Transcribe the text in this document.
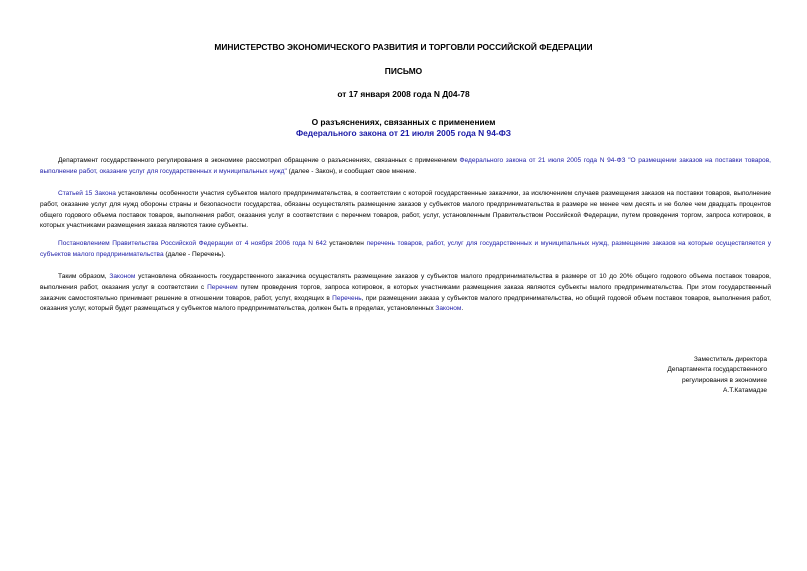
МИНИСТЕРСТВО ЭКОНОМИЧЕСКОГО РАЗВИТИЯ И ТОРГОВЛИ РОССИЙСКОЙ ФЕДЕРАЦИИ
ПИСЬМО
от 17 января 2008 года N Д04-78
О разъяснениях, связанных с применением
Федерального закона от 21 июля 2005 года N 94-ФЗ
Департамент государственного регулирования в экономике рассмотрел обращение о разъяснениях, связанных с применением Федерального закона от 21 июля 2005 года N 94-ФЗ "О размещении заказов на поставки товаров, выполнение работ, оказание услуг для государственных и муниципальных нужд" (далее - Закон), и сообщает свое мнение.
Статьей 15 Закона установлены особенности участия субъектов малого предпринимательства, в соответствии с которой государственные заказчики, за исключением случаев размещения заказов на поставки товаров, выполнение работ, оказание услуг для нужд обороны страны и безопасности государства, обязаны осуществлять размещение заказов у субъектов малого предпринимательства в размере не менее чем десять и не более чем двадцать процентов общего годового объема поставок товаров, выполнения работ, оказания услуг в соответствии с перечнем товаров, работ, услуг, установленным Правительством Российской Федерации, путем проведения торгом, запроса котировок, в которых участниками размещения заказа являются такие субъекты.
Постановлением Правительства Российской Федерации от 4 ноября 2006 года N 642 установлен перечень товаров, работ, услуг для государственных и муниципальных нужд, размещение заказов на которые осуществляется у субъектов малого предпринимательства (далее - Перечень).
Таким образом, Законом установлена обязанность государственного заказчика осуществлять размещение заказов у субъектов малого предпринимательства в размере от 10 до 20% общего годового объема поставок товаров, выполнения работ, оказания услуг в соответствии с Перечнем путем проведения торгов, запроса котировок, в которых участниками размещения заказа являются субъекты малого предпринимательства. При этом государственный заказчик самостоятельно принимает решение в отношении товаров, работ, услуг, входящих в Перечень, при размещении заказа у субъектов малого предпринимательства, но общий годовой объем поставок товаров, выполнения работ, оказания услуг, который будет размещаться у субъектов малого предпринимательства, должен быть в пределах, установленных Законом.
Заместитель директора
Департамента государственного
регулирования в экономике
А.Т.Катамадзе
